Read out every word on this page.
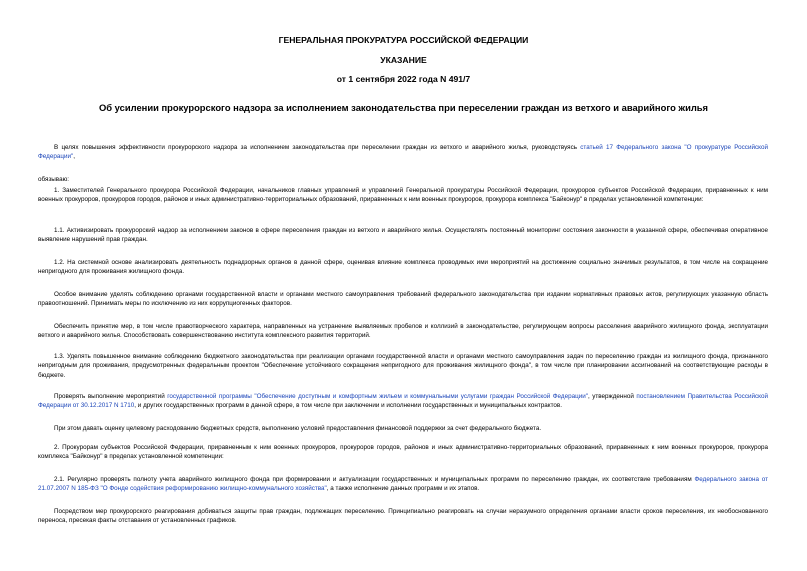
ГЕНЕРАЛЬНАЯ ПРОКУРАТУРА РОССИЙСКОЙ ФЕДЕРАЦИИ
УКАЗАНИЕ
от 1 сентября 2022 года N 491/7
Об усилении прокурорского надзора за исполнением законодательства при переселении граждан из ветхого и аварийного жилья
В целях повышения эффективности прокурорского надзора за исполнением законодательства при переселении граждан из ветхого и аварийного жилья, руководствуясь статьей 17 Федерального закона "О прокуратуре Российской Федерации",
обязываю:
1. Заместителей Генерального прокурора Российской Федерации, начальников главных управлений и управлений Генеральной прокуратуры Российской Федерации, прокуроров субъектов Российской Федерации, приравненных к ним военных прокуроров, прокуроров городов, районов и иных административно-территориальных образований, приравненных к ним военных прокуроров, прокурора комплекса "Байконур" в пределах установленной компетенции:
1.1. Активизировать прокурорский надзор за исполнением законов в сфере переселения граждан из ветхого и аварийного жилья. Осуществлять постоянный мониторинг состояния законности в указанной сфере, обеспечивая оперативное выявление нарушений прав граждан.
1.2. На системной основе анализировать деятельность поднадзорных органов в данной сфере, оценивая влияние комплекса проводимых ими мероприятий на достижение социально значимых результатов, в том числе на сокращение непригодного для проживания жилищного фонда.
Особое внимание уделять соблюдению органами государственной власти и органами местного самоуправления требований федерального законодательства при издании нормативных правовых актов, регулирующих указанную область правоотношений. Принимать меры по исключению из них коррупциогенных факторов.
Обеспечить принятие мер, в том числе правотворческого характера, направленных на устранение выявляемых пробелов и коллизий в законодательстве, регулирующем вопросы расселения аварийного жилищного фонда, эксплуатации ветхого и аварийного жилья. Способствовать совершенствованию института комплексного развития территорий.
1.3. Уделять повышенное внимание соблюдению бюджетного законодательства при реализации органами государственной власти и органами местного самоуправления задач по переселению граждан из жилищного фонда, признанного непригодным для проживания, предусмотренных федеральным проектом "Обеспечение устойчивого сокращения непригодного для проживания жилищного фонда", в том числе при планировании ассигнований на соответствующие расходы в бюджете.
Проверять выполнение мероприятий государственной программы "Обеспечение доступным и комфортным жильем и коммунальными услугами граждан Российской Федерации", утвержденной постановлением Правительства Российской Федерации от 30.12.2017 N 1710, и других государственных программ в данной сфере, в том числе при заключении и исполнении государственных и муниципальных контрактов.
При этом давать оценку целевому расходованию бюджетных средств, выполнению условий предоставления финансовой поддержки за счет федерального бюджета.
2. Прокурорам субъектов Российской Федерации, приравненным к ним военных прокуроров, прокуроров городов, районов и иных административно-территориальных образований, приравненных к ним военных прокуроров, прокурора комплекса "Байконур" в пределах установленной компетенции:
2.1. Регулярно проверять полноту учета аварийного жилищного фонда при формировании и актуализации государственных и муниципальных программ по переселению граждан, их соответствие требованиям Федерального закона от 21.07.2007 N 185-ФЗ "О Фонде содействия реформированию жилищно-коммунального хозяйства", а также исполнение данных программ и их этапов.
Посредством мер прокурорского реагирования добиваться защиты прав граждан, подлежащих переселению. Принципиально реагировать на случаи неразумного определения органами власти сроков переселения, их необоснованного переноса, пресекая факты отставания от установленных графиков.
